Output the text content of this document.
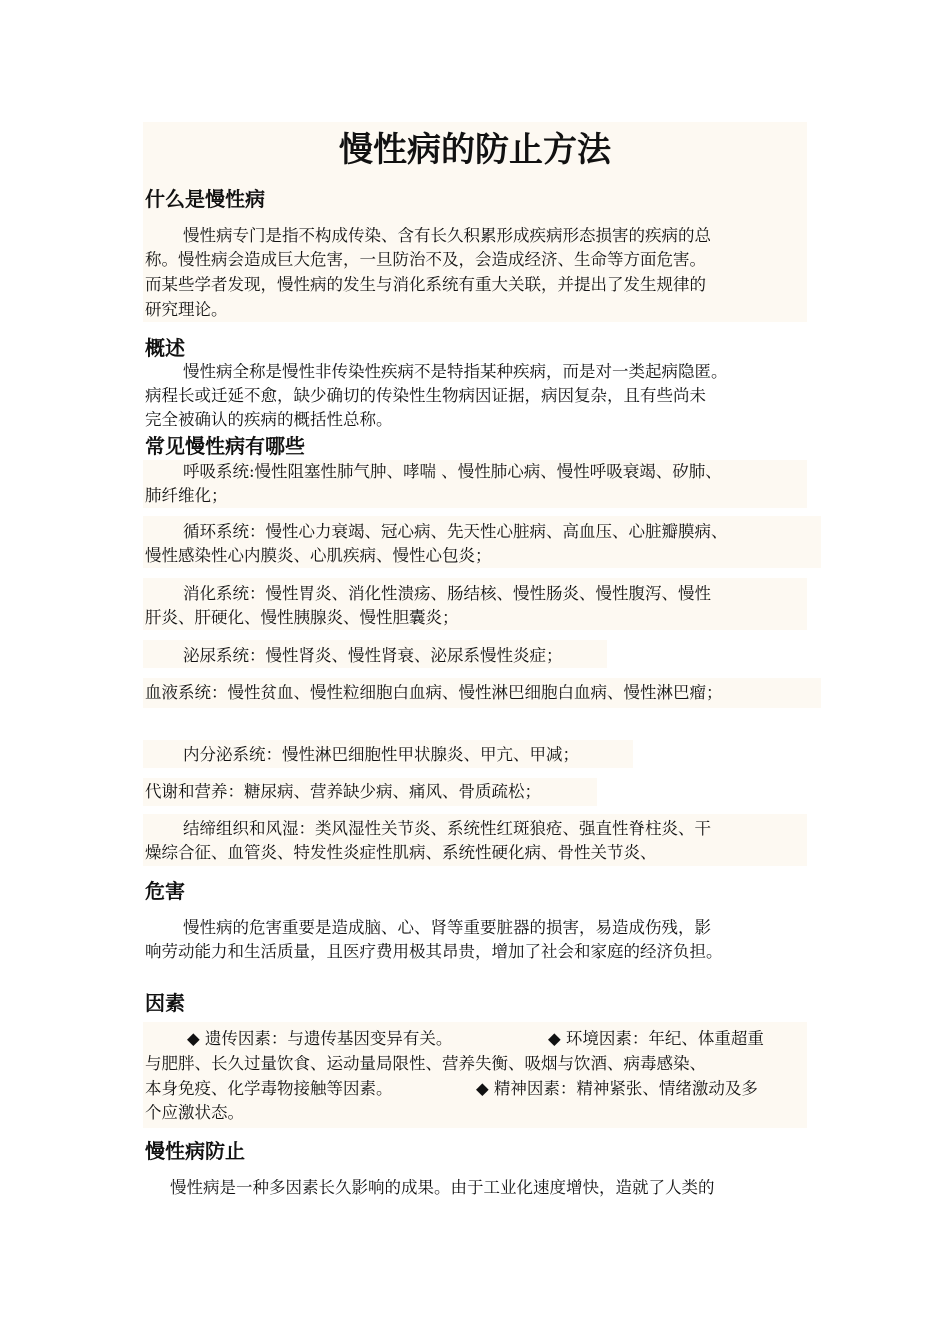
慢性病的防止方法
什么是慢性病

慢性病专门是指不构成传染、含有长久积累形成疾病形态损害的疾病的总

称。慢性病会造成巨大危害，一旦防治不及，会造成经济、生命等方面危害。

而某些学者发现，慢性病的发生与消化系统有重大关联，并提出了发生规律的

研究理论。

概述

慢性病全称是慢性非传染性疾病不是特指某种疾病，而是对一类起病隐匿。

病程长或迁延不愈，缺少确切的传染性生物病因证据，病因复杂，且有些尚未

完全被确认的疾病的概括性总称。

常见慢性病有哪些

呼吸系统:慢性阻塞性肺气肿、哮喘 、慢性肺心病、慢性呼吸衰竭、矽肺、

肺纤维化；

循环系统：慢性心力衰竭、冠心病、先天性心脏病、高血压、心脏瓣膜病、

慢性感染性心内膜炎、心肌疾病、慢性心包炎；

消化系统：慢性胃炎、消化性溃疡、肠结核、慢性肠炎、慢性腹泻、慢性

肝炎、肝硬化、慢性胰腺炎、慢性胆囊炎；

泌尿系统：慢性肾炎、慢性肾衰、泌尿系慢性炎症；

血液系统：慢性贫血、慢性粒细胞白血病、慢性淋巴细胞白血病、慢性淋巴瘤；

内分泌系统：慢性淋巴细胞性甲状腺炎、甲亢、甲减；

代谢和营养：糖尿病、营养缺少病、痛风、骨质疏松；

结缔组织和风湿：类风湿性关节炎、系统性红斑狼疮、强直性脊柱炎、干

燥综合征、血管炎、特发性炎症性肌病、系统性硬化病、骨性关节炎、

危害

慢性病的危害重要是造成脑、心、肾等重要脏器的损害，易造成伤残，影

响劳动能力和生活质量，且医疗费用极其昂贵，增加了社会和家庭的经济负担。

因素

◆ 遗传因素：与遗传基因变异有关。	◆ 环境因素：年纪、体重超重

与肥胖、长久过量饮食、运动量局限性、营养失衡、吸烟与饮酒、病毒感染、

本身免疫、化学毒物接触等因素。	◆ 精神因素：精神紧张、情绪激动及多

个应激状态。

慢性病防止

慢性病是一种多因素长久影响的成果。由于工业化速度增快，造就了人类的
